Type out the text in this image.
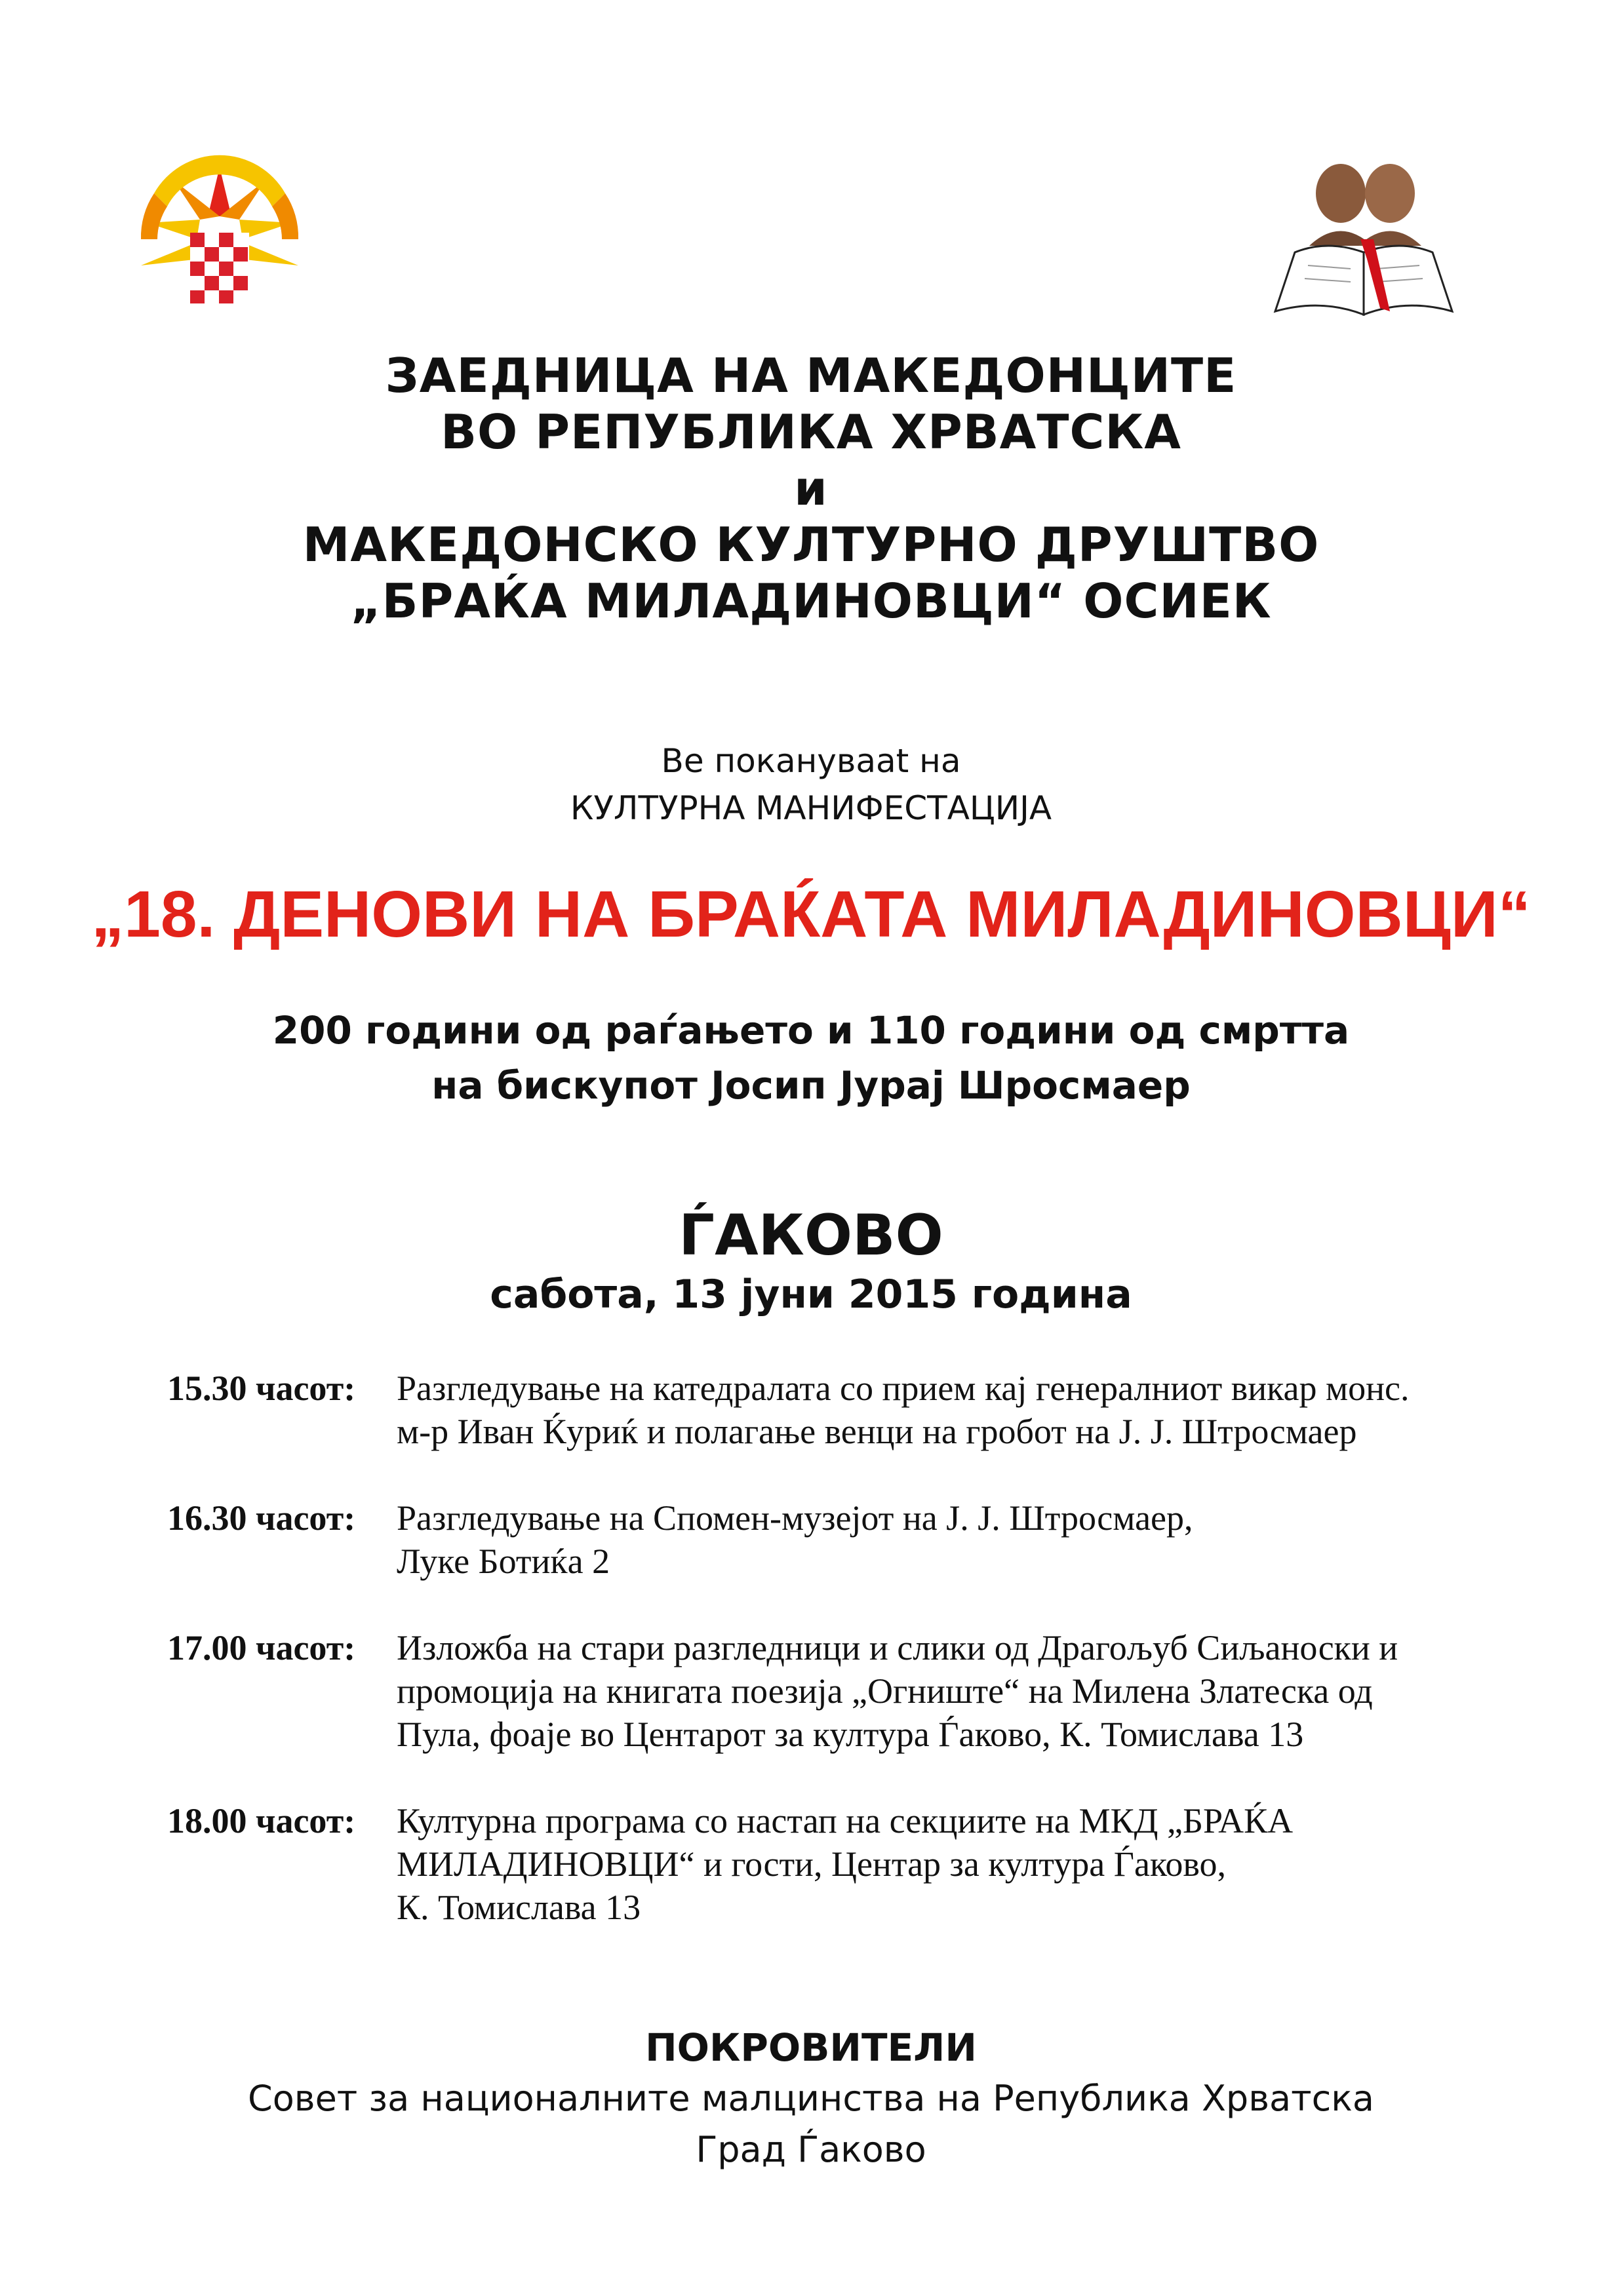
ЗАЕДНИЦА НА МАКЕДОНЦИТЕ
ВО РЕПУБЛИКА ХРВАТСКА
и
МАКЕДОНСКО КУЛТУРНО ДРУШТВО
„БРАЌА МИЛАДИНОВЦИ“ ОСИЕК
Ве поканувааt на
КУЛТУРНА МАНИФЕСТАЦИЈА
„18. ДЕНОВИ НА БРАЌАТА МИЛАДИНОВЦИ“
200 години од раѓањето и 110 години од смртта
на бискупот Јосип Јурај Шросмаер
ЃАКОВО
сабота, 13 јуни 2015 година
15.30 часот:	Разгледување на катедралата со прием кај генералниот викар монс.
м-р Иван Ќуриќ и полагање венци на гробот на Ј. Ј. Штросмаер
16.30 часот:	Разгледување на Спомен-музејот на Ј. Ј. Штросмаер,
Луке Ботиќа 2
17.00 часот:	Изложба на стари разгледници и слики од Драгољуб Сиљаноски и
промоција на книгата поезија „Огниште“ на Милена Златеска од
Пула, фоаје во Центарот за култура Ѓаково, К. Томислава 13
18.00 часот:	Културна програма со настап на секциите на МКД „БРАЌА
МИЛАДИНОВЦИ“ и гости, Центар за култура Ѓаково,
К. Томислава 13
ПОКРОВИТЕЛИ
Совет за националните малцинства на Република Хрватска
Град Ѓаково
